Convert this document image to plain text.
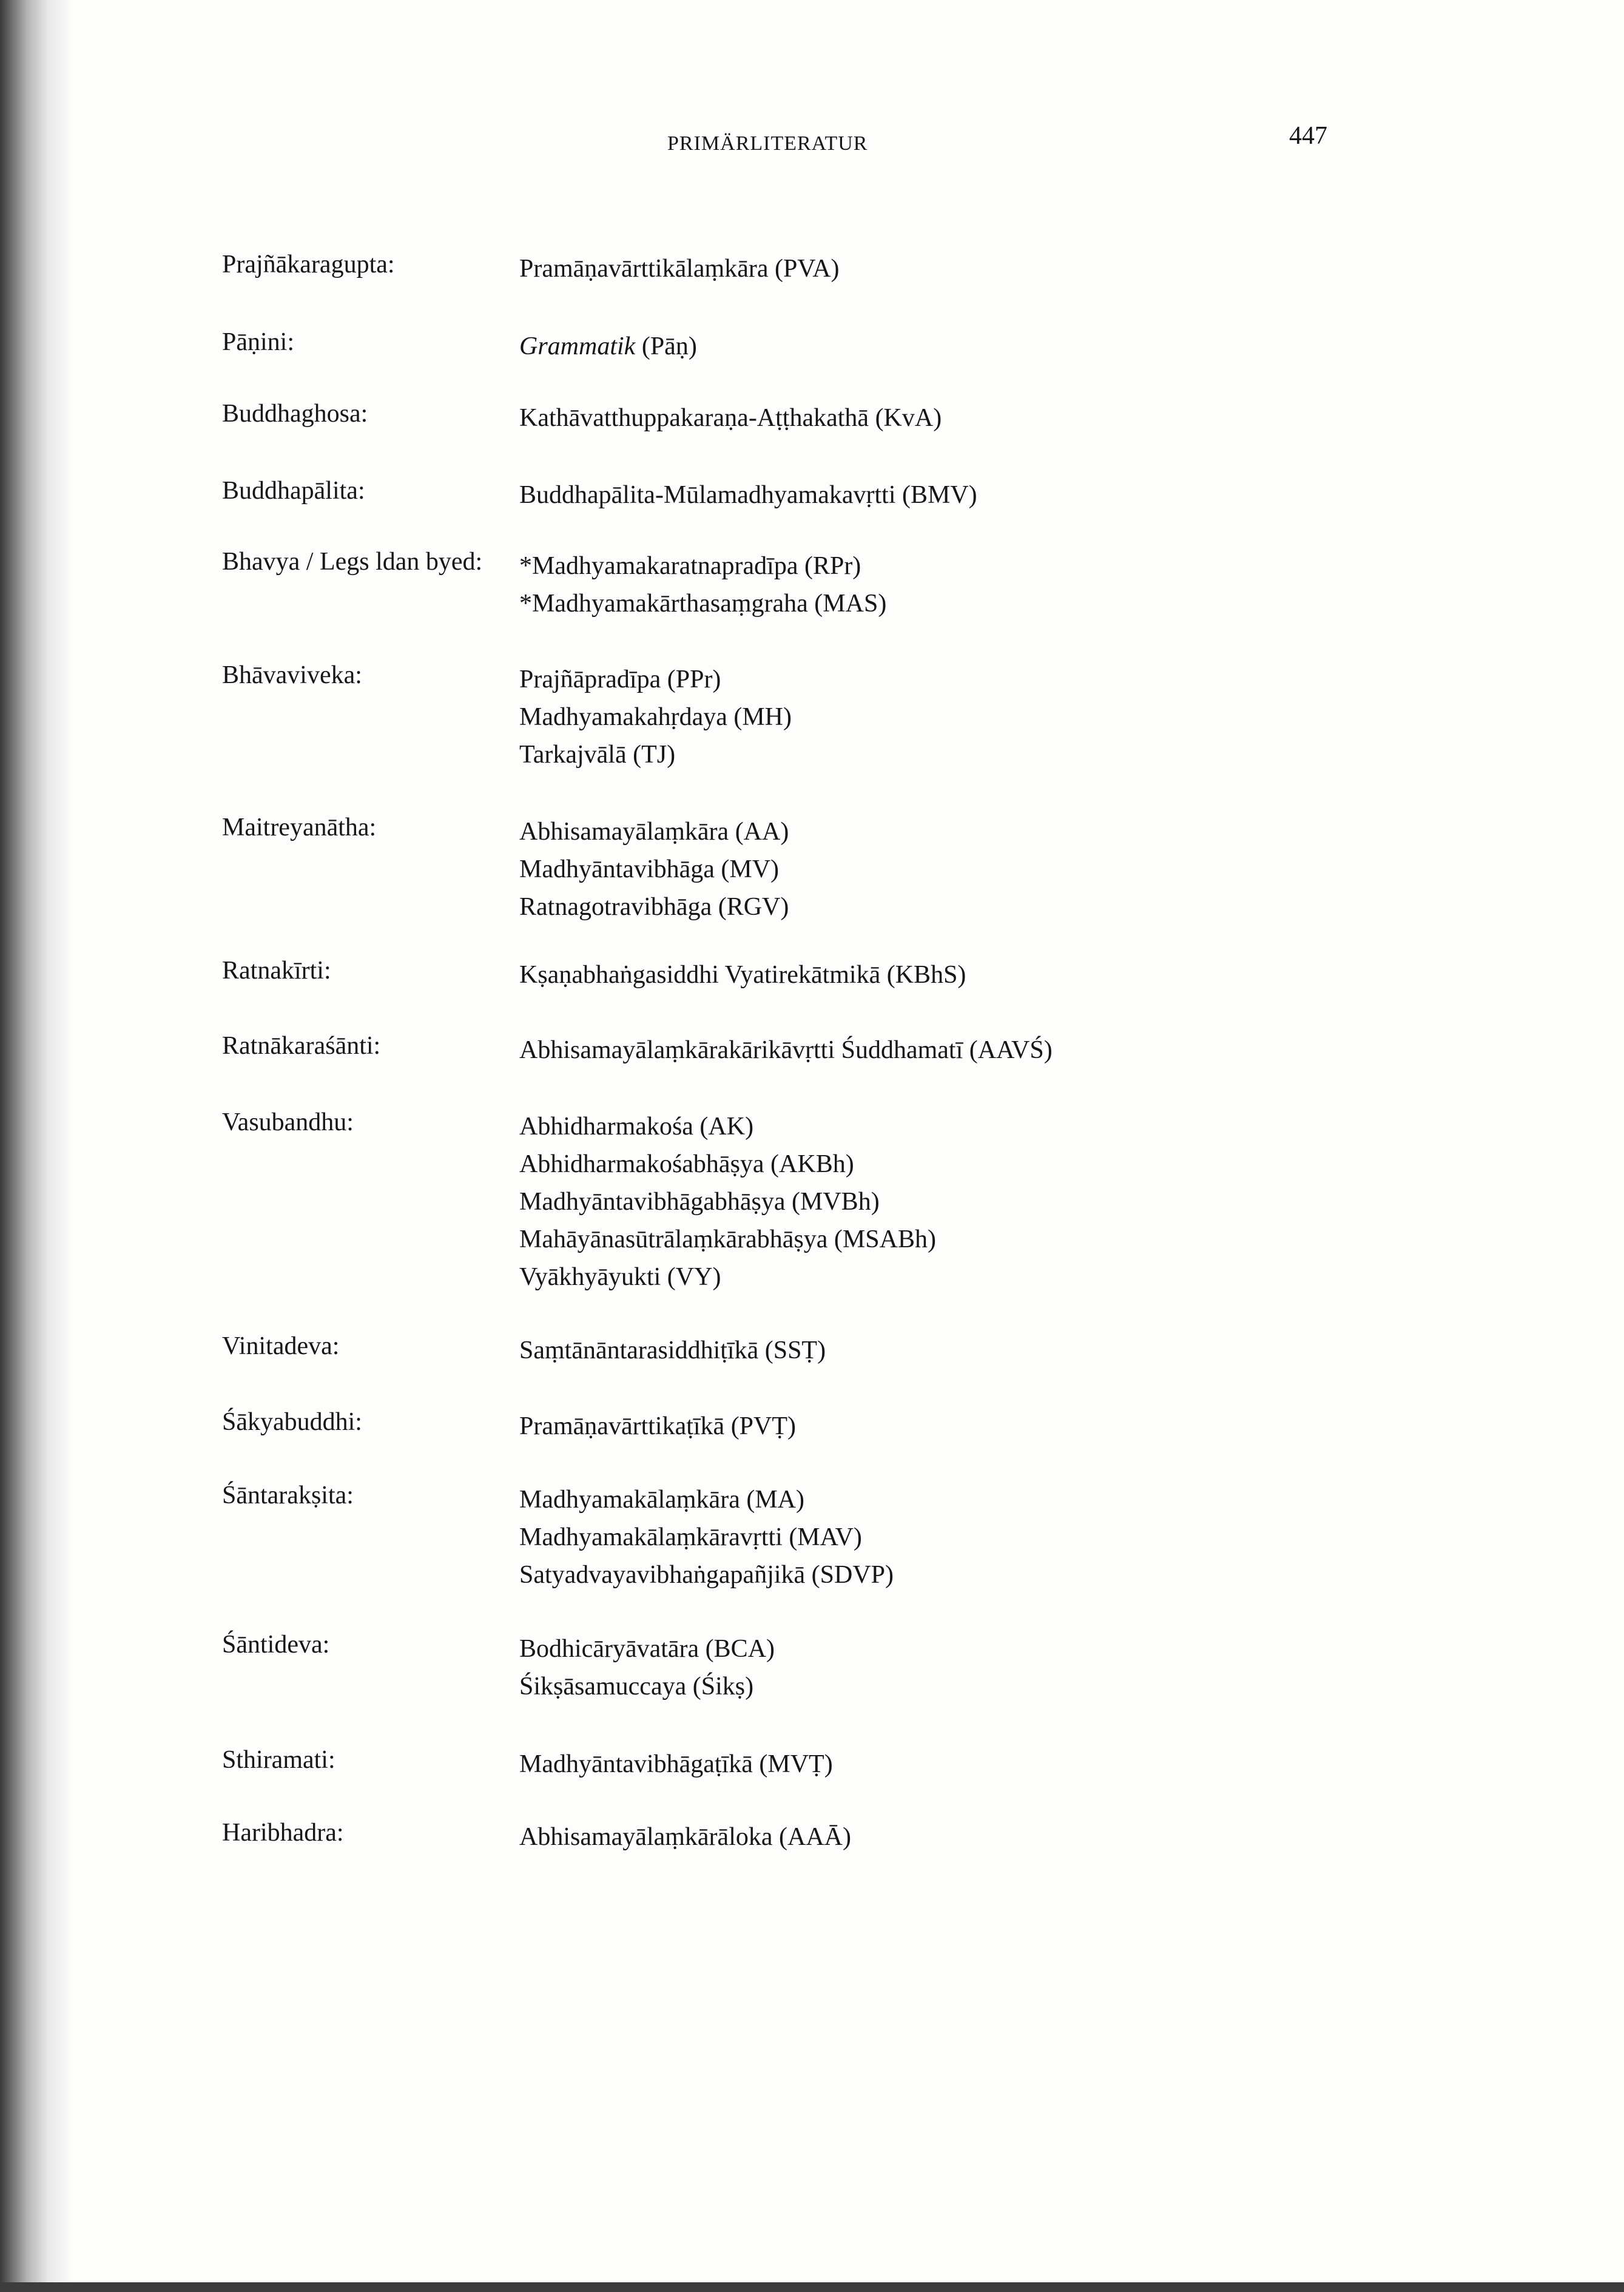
PRIMÄRLITERATUR	447
Prajñākaragupta:	Pramāṇavārttikālaṃkāra (PVA)
Pāṇini:	Grammatik (Pāṇ)
Buddhaghosa:	Kathāvatthuppakaraṇa-Aṭṭhakathā (KvA)
Buddhapālita:	Buddhapālita-Mūlamadhyamakavṛtti (BMV)
Bhavya / Legs ldan byed: *Madhyamakaratnapradīpa (RPr)
*Madhyamakārthasaṃgraha (MAS)
Bhāvaviveka:	Prajñāpradīpa (PPr)
Madhyamakahṛdaya (MH)
Tarkajvālā (TJ)
Maitreyanātha:	Abhisamayālaṃkāra (AA)
Madhyāntavibhāga (MV)
Ratnagotravibhāga (RGV)
Ratnakīrti:	Kṣaṇabhaṅgasiddhi Vyatirekātmikā (KBhS)
Ratnākaraśānti:	Abhisamayālaṃkārakārikāvṛtti Śuddhamatī (AAVŚ)
Vasubandhu:	Abhidharmakośa (AK)
Abhidharmakośabhāṣya (AKBh)
Madhyāntavibhāgabhāṣya (MVBh)
Mahāyānasūtrālaṃkārabhāṣya (MSABh)
Vyākhyāyukti (VY)
Vinitadeva:	Saṃtānāntarasiddhiṭīkā (SSṬ)
Śākyabuddhi:	Pramāṇavārttikaṭīkā (PVṬ)
Śāntarakṣita:	Madhyamakālaṃkāra (MA)
Madhyamakālaṃkāravṛtti (MAV)
Satyadvayavibhaṅgapañjikā (SDVP)
Śāntideva:	Bodhicāryāvatāra (BCA)
Śikṣāsamuccaya (Śikṣ)
Sthiramati:	Madhyāntavibhāgaṭīkā (MVṬ)
Haribhadra:	Abhisamayālaṃkārāloka (AAĀ)
